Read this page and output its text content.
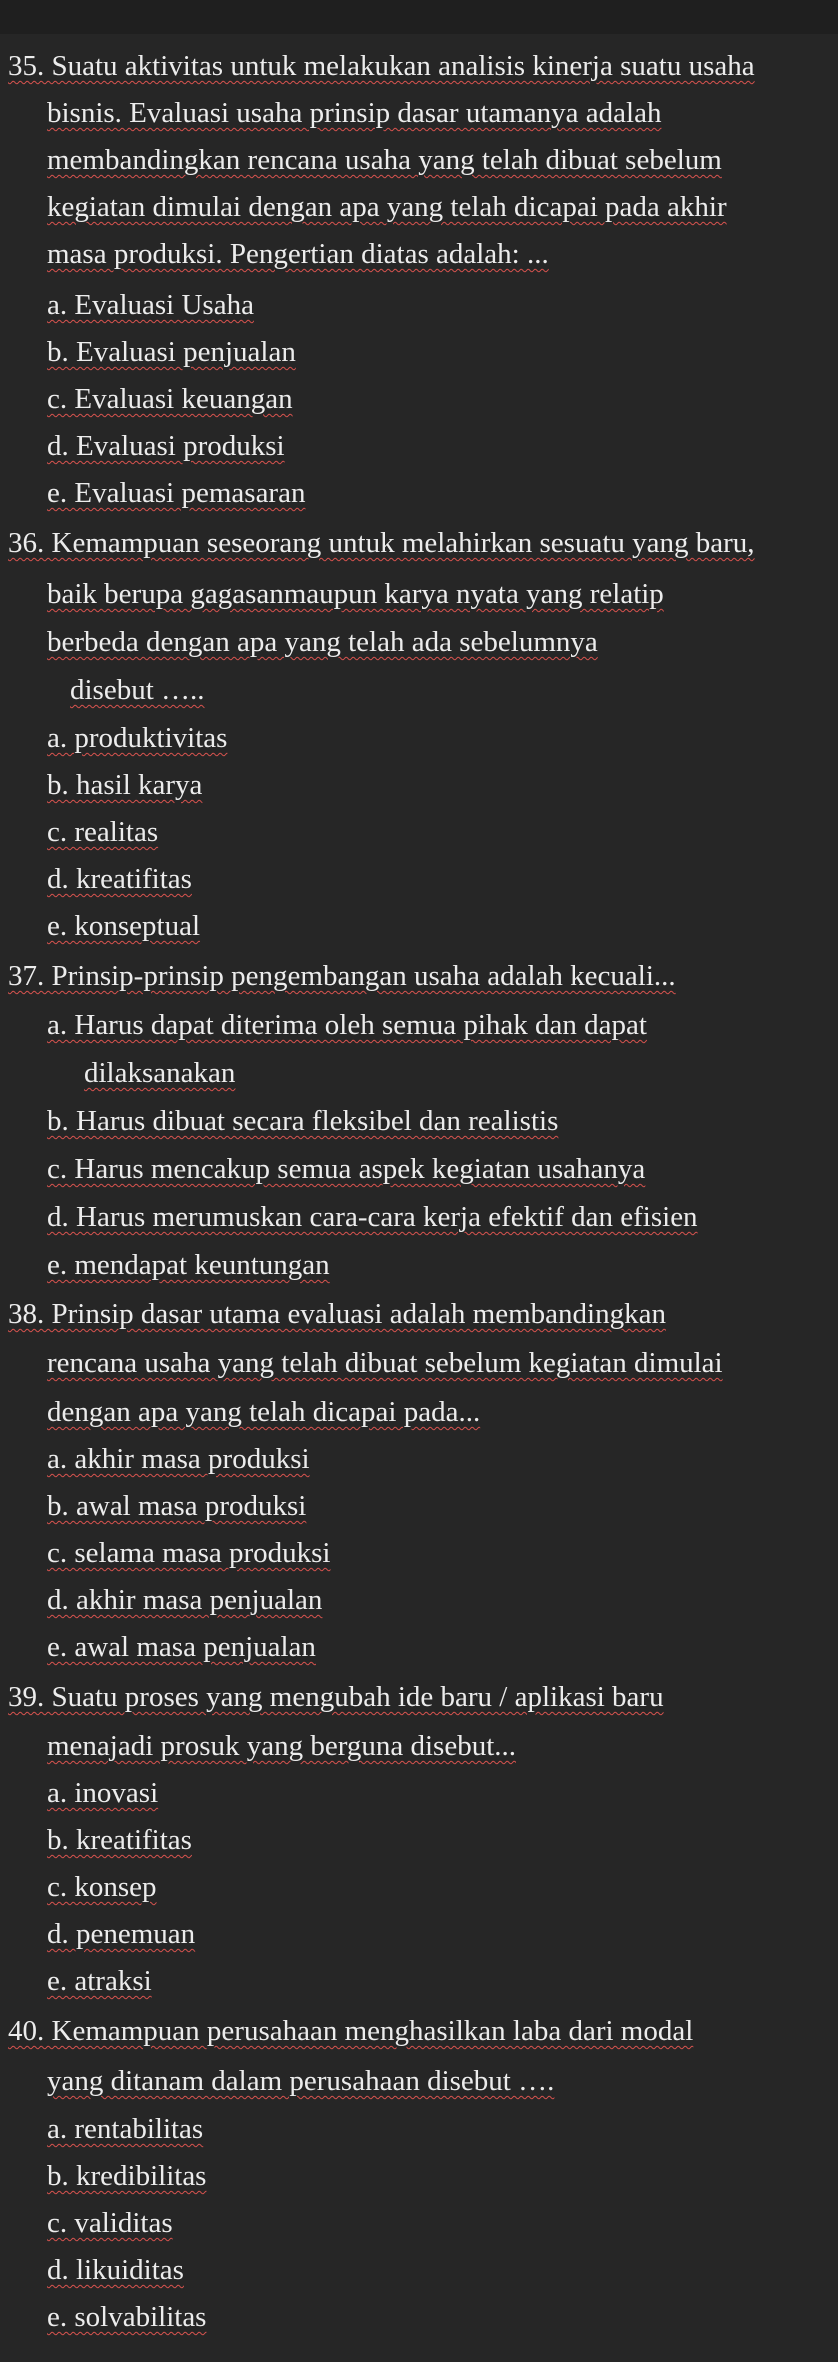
35. Suatu aktivitas untuk melakukan analisis kinerja suatu usaha
bisnis. Evaluasi usaha prinsip dasar utamanya adalah
membandingkan rencana usaha yang telah dibuat sebelum
kegiatan dimulai dengan apa yang telah dicapai pada akhir
masa produksi. Pengertian diatas adalah: ...
a. Evaluasi Usaha
b. Evaluasi penjualan
c. Evaluasi keuangan
d. Evaluasi produksi
e. Evaluasi pemasaran
36. Kemampuan seseorang untuk melahirkan sesuatu yang baru,
baik berupa gagasanmaupun karya nyata yang relatip
berbeda dengan apa yang telah ada sebelumnya
disebut …..
a. produktivitas
b. hasil karya
c. realitas
d. kreatifitas
e. konseptual
37. Prinsip-prinsip pengembangan usaha adalah kecuali...
a. Harus dapat diterima oleh semua pihak dan dapat
dilaksanakan
b. Harus dibuat secara fleksibel dan realistis
c. Harus mencakup semua aspek kegiatan usahanya
d. Harus merumuskan cara-cara kerja efektif dan efisien
e. mendapat keuntungan
38. Prinsip dasar utama evaluasi adalah membandingkan
rencana usaha yang telah dibuat sebelum kegiatan dimulai
dengan apa yang telah dicapai pada...
a. akhir masa produksi
b. awal masa produksi
c. selama masa produksi
d. akhir masa penjualan
e. awal masa penjualan
39. Suatu proses yang mengubah ide baru / aplikasi baru
menajadi prosuk yang berguna disebut...
a. inovasi
b. kreatifitas
c. konsep
d. penemuan
e. atraksi
40. Kemampuan perusahaan menghasilkan laba dari modal
yang ditanam dalam perusahaan disebut ….
a. rentabilitas
b. kredibilitas
c. validitas
d. likuiditas
e. solvabilitas
